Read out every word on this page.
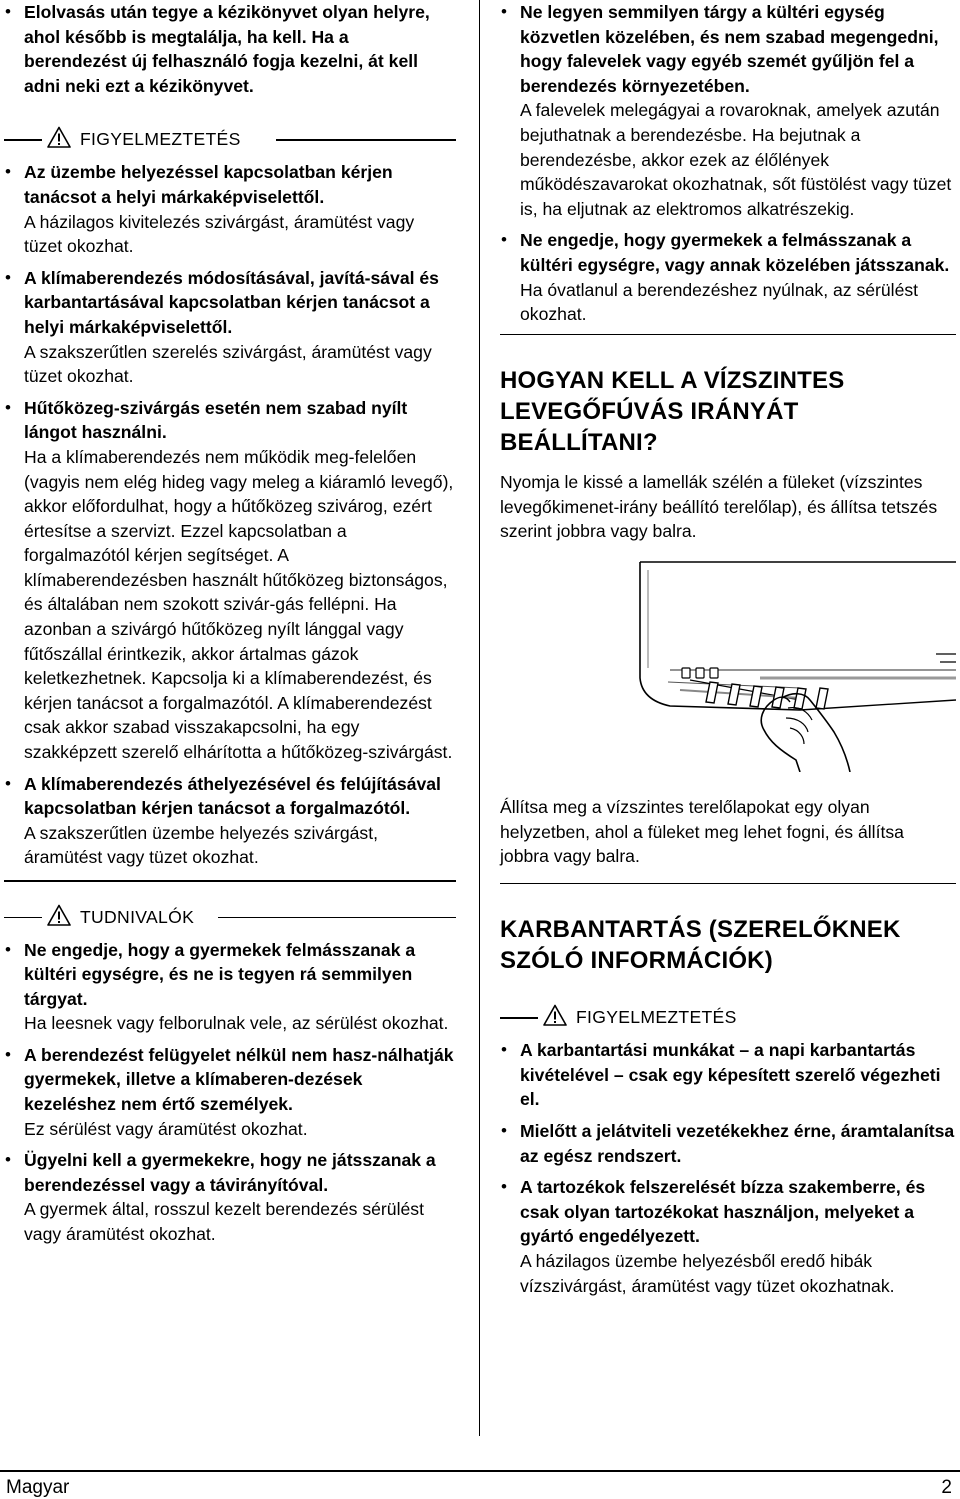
• Elolvasás után tegye a kézikönyvet olyan helyre, ahol később is megtalálja, ha kell. Ha a berendezést új felhasználó fogja kezelni, át kell adni neki ezt a kézikönyvet.
FIGYELMEZTETÉS
• Az üzembe helyezéssel kapcsolatban kérjen tanácsot a helyi márkaképviselettől.
A házilagos kivitelezés szivárgást, áramütést vagy tüzet okozhat.
• A klímaberendezés módosításával, javítá-sával és karbantartásával kapcsolatban kérjen tanácsot a helyi márkaképviselettől.
A szakszerűtlen szerelés szivárgást, áramütést vagy tüzet okozhat.
• Hűtőközeg-szivárgás esetén nem szabad nyílt lángot használni.
Ha a klímaberendezés nem működik meg-felelően (vagyis nem elég hideg vagy meleg a kiáramló levegő), akkor előfordulhat, hogy a hűtőközeg szivárog, ezért értesítse a szervizt. Ezzel kapcsolatban a forgalmazótól kérjen segítséget. A klímaberendezésben használt hűtőközeg biztonságos, és általában nem szokott szivár-gás fellépni. Ha azonban a szivárgó hűtőközeg nyílt lánggal vagy fűtőszállal érintkezik, akkor ártalmas gázok keletkezhetnek. Kapcsolja ki a klímaberendezést, és kérjen tanácsot a forgalmazótól. A klímaberendezést csak akkor szabad visszakapcsolni, ha egy szakképzett szerelő elhárította a hűtőközeg-szivárgást.
• A klímaberendezés áthelyezésével és felújításával kapcsolatban kérjen tanácsot a forgalmazótól.
A szakszerűtlen üzembe helyezés szivárgást, áramütést vagy tüzet okozhat.
TUDNIVALÓK
• Ne engedje, hogy a gyermekek felmásszanak a kültéri egységre, és ne is tegyen rá semmilyen tárgyat.
Ha leesnek vagy felborulnak vele, az sérülést okozhat.
• A berendezést felügyelet nélkül nem hasz-nálhatják gyermekek, illetve a klímaberen-dezések kezeléshez nem értő személyek.
Ez sérülést vagy áramütést okozhat.
• Ügyelni kell a gyermekekre, hogy ne játsszanak a berendezéssel vagy a távirányítóval.
A gyermek által, rosszul kezelt berendezés sérülést vagy áramütést okozhat.
• Ne legyen semmilyen tárgy a kültéri egység közvetlen közelében, és nem szabad megengedni, hogy falevelek vagy egyéb szemét gyűljön fel a berendezés környezetében.
A falevelek melegágyai a rovaroknak, amelyek azután bejuthatnak a berendezésbe. Ha bejutnak a berendezésbe, akkor ezek az élőlények működészavarokat okozhatnak, sőt füstölést vagy tüzet is, ha eljutnak az elektromos alkatrészekig.
• Ne engedje, hogy gyermekek a felmásszanak a kültéri egységre, vagy annak közelében játsszanak.
Ha óvatlanul a berendezéshez nyúlnak, az sérülést okozhat.
HOGYAN KELL A VÍZSZINTES LEVEGŐFÚVÁS IRÁNYÁT BEÁLLÍTANI?

Nyomja le kissé a lamellák szélén a füleket (vízszintes levegőkimenet-irány beállító terelőlap), és állítsa tetszés szerint jobbra vagy balra.

Állítsa meg a vízszintes terelőlapokat egy olyan helyzetben, ahol a füleket meg lehet fogni, és állítsa jobbra vagy balra.

KARBANTARTÁS (SZERELŐKNEK SZÓLÓ INFORMÁCIÓK)
FIGYELMEZTETÉS
• A karbantartási munkákat – a napi karbantartás kivételével – csak egy képesített szerelő végezheti el.
• Mielőtt a jelátviteli vezetékekhez érne, áramtalanítsa az egész rendszert.
• A tartozékok felszerelését bízza szakemberre, és csak olyan tartozékokat használjon, melyeket a gyártó engedélyezett.
A házilagos üzembe helyezésből eredő hibák vízszivárgást, áramütést vagy tüzet okozhatnak.
Magyar	2
